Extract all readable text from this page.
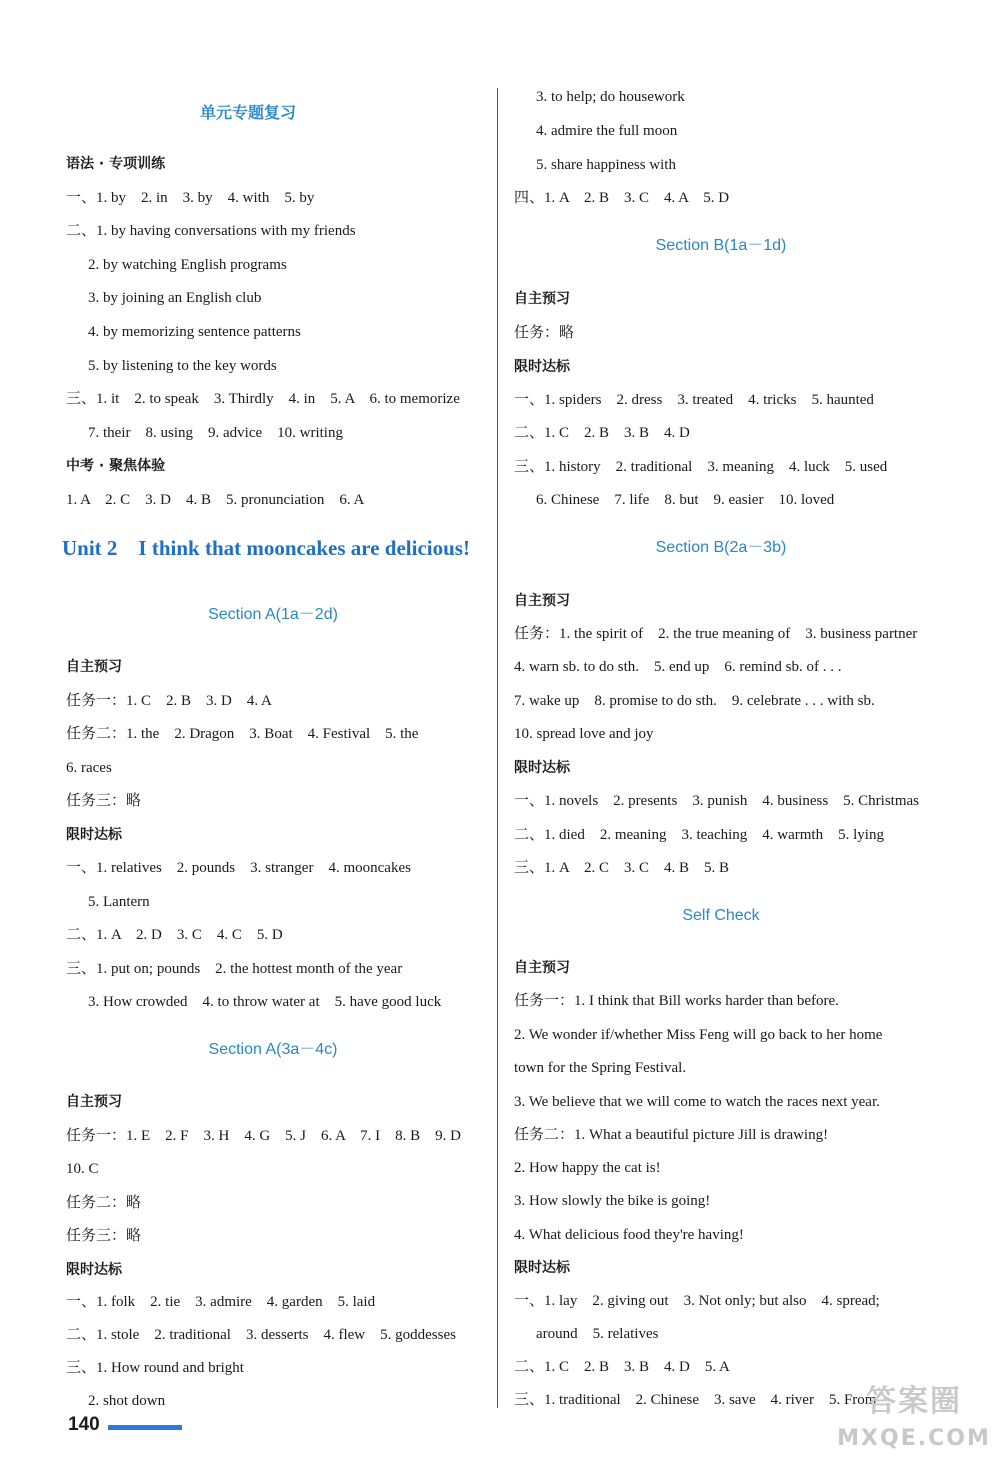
单元专题复习
语法 · 专项训练
一、1. by    2. in    3. by    4. with    5. by
二、1. by having conversations with my friends
2. by watching English programs
3. by joining an English club
4. by memorizing sentence patterns
5. by listening to the key words
三、1. it    2. to speak    3. Thirdly    4. in    5. A    6. to memorize
7. their    8. using    9. advice    10. writing
中考 · 聚焦体验
1. A    2. C    3. D    4. B    5. pronunciation    6. A
Unit 2    I think that mooncakes are delicious!
Section A(1a－2d)
自主预习
任务一：1. C    2. B    3. D    4. A
任务二：1. the    2. Dragon    3. Boat    4. Festival    5. the
6. races
任务三：略
限时达标
一、1. relatives    2. pounds    3. stranger    4. mooncakes
5. Lantern
二、1. A    2. D    3. C    4. C    5. D
三、1. put on; pounds    2. the hottest month of the year
3. How crowded    4. to throw water at    5. have good luck
Section A(3a－4c)
自主预习
任务一：1. E    2. F    3. H    4. G    5. J    6. A    7. I    8. B    9. D
10. C
任务二：略
任务三：略
限时达标
一、1. folk    2. tie    3. admire    4. garden    5. laid
二、1. stole    2. traditional    3. desserts    4. flew    5. goddesses
三、1. How round and bright
2. shot down
3. to help; do housework
4. admire the full moon
5. share happiness with
四、1. A    2. B    3. C    4. A    5. D
Section B(1a－1d)
自主预习
任务：略
限时达标
一、1. spiders    2. dress    3. treated    4. tricks    5. haunted
二、1. C    2. B    3. B    4. D
三、1. history    2. traditional    3. meaning    4. luck    5. used
6. Chinese    7. life    8. but    9. easier    10. loved
Section B(2a－3b)
自主预习
任务：1. the spirit of    2. the true meaning of    3. business partner
4. warn sb. to do sth.    5. end up    6. remind sb. of . . .
7. wake up    8. promise to do sth.    9. celebrate . . . with sb.
10. spread love and joy
限时达标
一、1. novels    2. presents    3. punish    4. business    5. Christmas
二、1. died    2. meaning    3. teaching    4. warmth    5. lying
三、1. A    2. C    3. C    4. B    5. B
Self Check
自主预习
任务一：1. I think that Bill works harder than before.
2. We wonder if/whether Miss Feng will go back to her home
town for the Spring Festival.
3. We believe that we will come to watch the races next year.
任务二：1. What a beautiful picture Jill is drawing!
2. How happy the cat is!
3. How slowly the bike is going!
4. What delicious food they're having!
限时达标
一、1. lay    2. giving out    3. Not only; but also    4. spread;
around    5. relatives
二、1. C    2. B    3. B    4. D    5. A
三、1. traditional    2. Chinese    3. save    4. river    5. From
140
答案圈
MXQE.COM
